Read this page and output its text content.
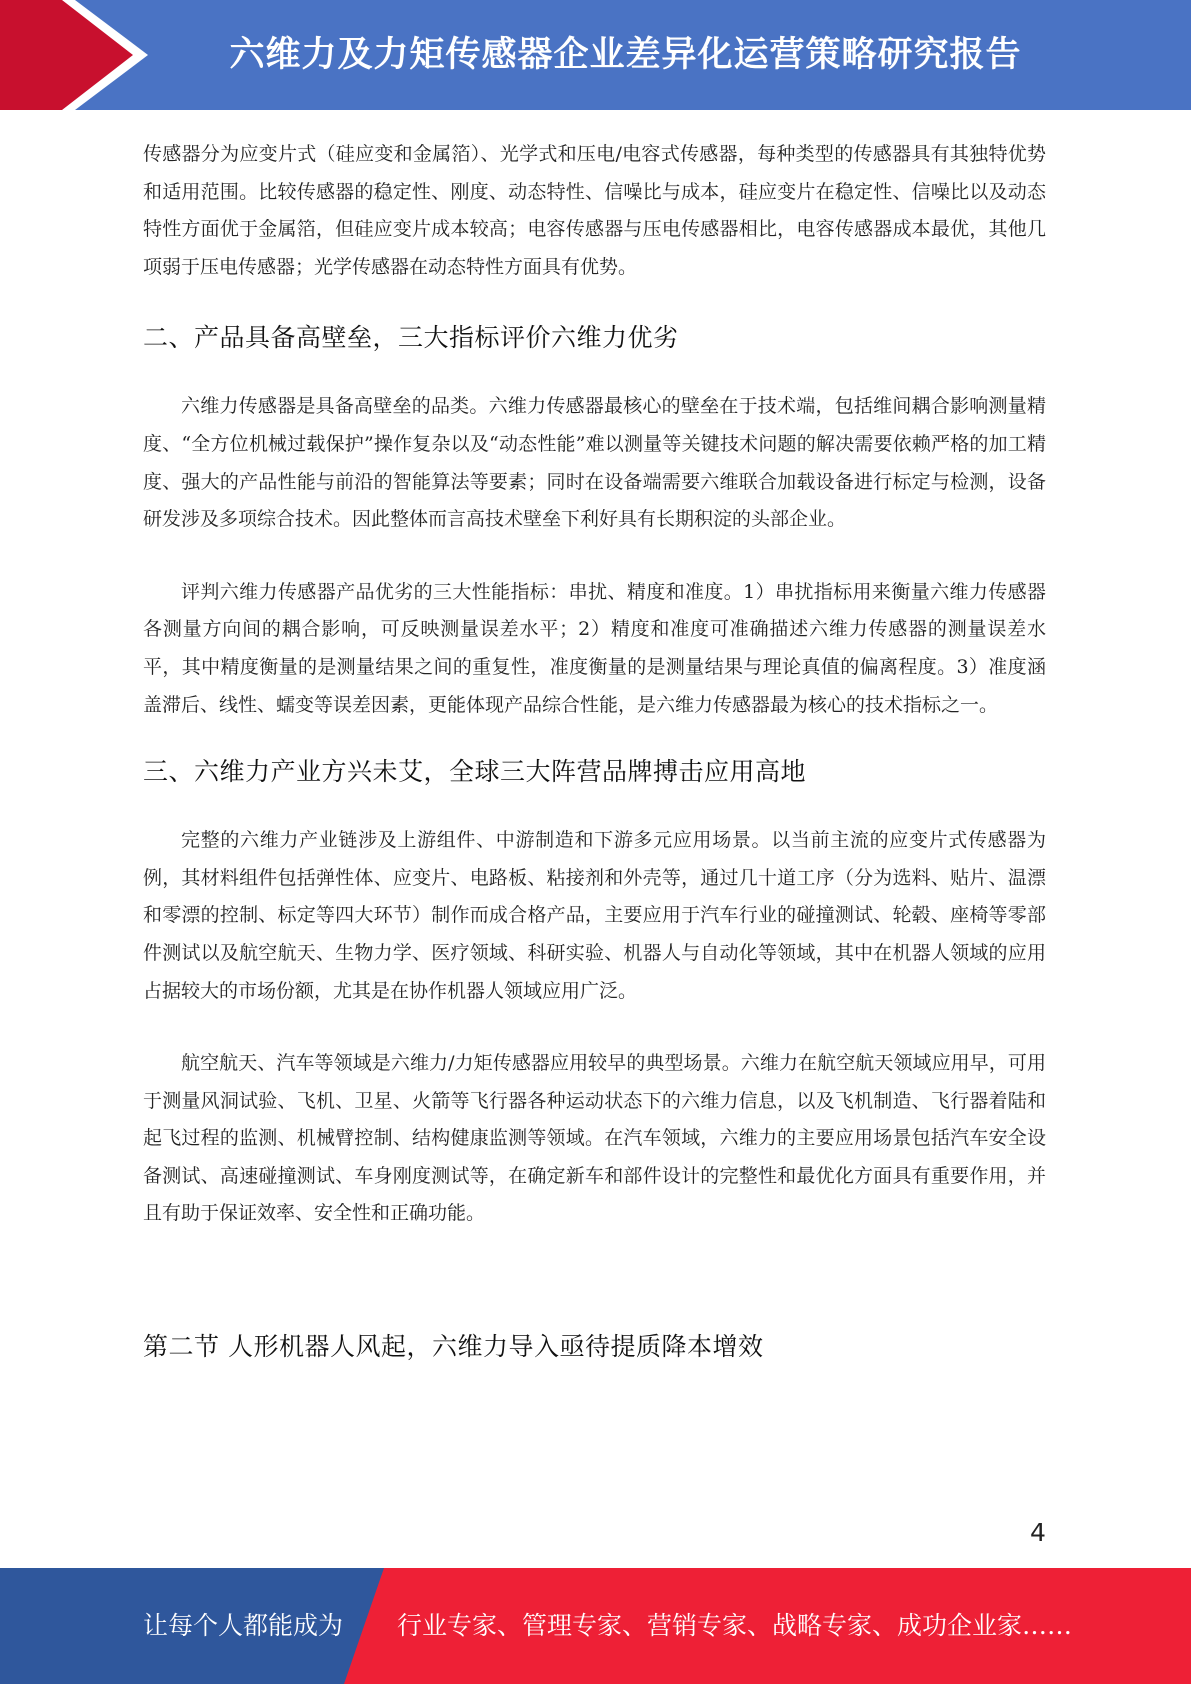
六维力及力矩传感器企业差异化运营策略研究报告

传感器分为应变片式（硅应变和金属箔）、光学式和压电/电容式传感器，每种类型的传感器具有其独特优势和适用范围。比较传感器的稳定性、刚度、动态特性、信噪比与成本，硅应变片在稳定性、信噪比以及动态特性方面优于金属箔，但硅应变片成本较高；电容传感器与压电传感器相比，电容传感器成本最优，其他几项弱于压电传感器；光学传感器在动态特性方面具有优势。

二、产品具备高壁垒，三大指标评价六维力优劣

六维力传感器是具备高壁垒的品类。六维力传感器最核心的壁垒在于技术端，包括维间耦合影响测量精度、“全方位机械过载保护”操作复杂以及“动态性能”难以测量等关键技术问题的解决需要依赖严格的加工精度、强大的产品性能与前沿的智能算法等要素；同时在设备端需要六维联合加载设备进行标定与检测，设备研发涉及多项综合技术。因此整体而言高技术壁垒下利好具有长期积淀的头部企业。

评判六维力传感器产品优劣的三大性能指标：串扰、精度和准度。1）串扰指标用来衡量六维力传感器各测量方向间的耦合影响，可反映测量误差水平；2）精度和准度可准确描述六维力传感器的测量误差水平，其中精度衡量的是测量结果之间的重复性，准度衡量的是测量结果与理论真值的偏离程度。3）准度涵盖滞后、线性、蠕变等误差因素，更能体现产品综合性能，是六维力传感器最为核心的技术指标之一。

三、六维力产业方兴未艾，全球三大阵营品牌搏击应用高地

完整的六维力产业链涉及上游组件、中游制造和下游多元应用场景。以当前主流的应变片式传感器为例，其材料组件包括弹性体、应变片、电路板、粘接剂和外壳等，通过几十道工序（分为选料、贴片、温漂和零漂的控制、标定等四大环节）制作而成合格产品，主要应用于汽车行业的碰撞测试、轮毂、座椅等零部件测试以及航空航天、生物力学、医疗领域、科研实验、机器人与自动化等领域，其中在机器人领域的应用占据较大的市场份额，尤其是在协作机器人领域应用广泛。

航空航天、汽车等领域是六维力/力矩传感器应用较早的典型场景。六维力在航空航天领域应用早，可用于测量风洞试验、飞机、卫星、火箭等飞行器各种运动状态下的六维力信息，以及飞机制造、飞行器着陆和起飞过程的监测、机械臂控制、结构健康监测等领域。在汽车领域，六维力的主要应用场景包括汽车安全设备测试、高速碰撞测试、车身刚度测试等，在确定新车和部件设计的完整性和最优化方面具有重要作用，并且有助于保证效率、安全性和正确功能。

第二节 人形机器人风起，六维力导入亟待提质降本增效
4
让每个人都能成为 行业专家、管理专家、营销专家、战略专家、成功企业家……
